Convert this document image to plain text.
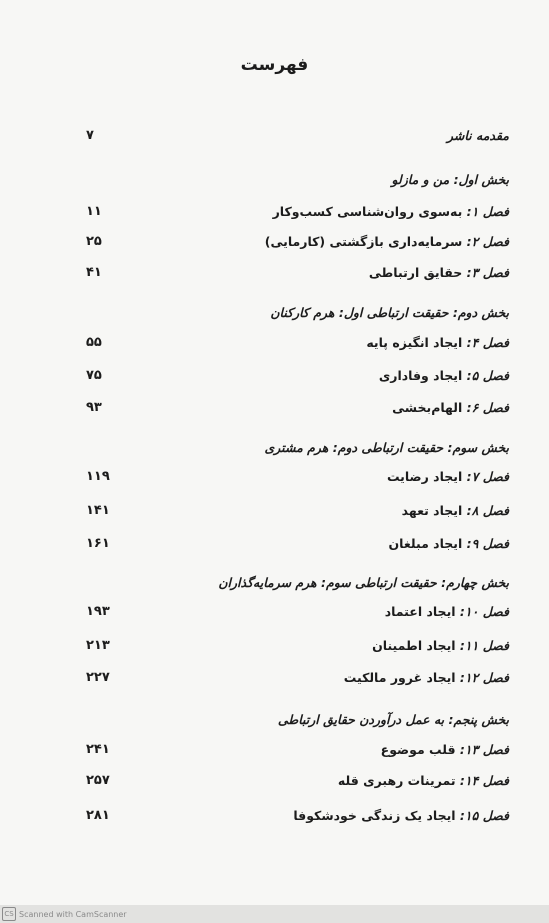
فهرست
مقدمه ناشر
۷
بخش اول: من و مازلو
فصل ۱: به‌سوی روان‌شناسی کسب‌وکار
۱۱
فصل ۲: سرمایه‌داری بازگشتی (کارمایی)
۲۵
فصل ۳: حقایق ارتباطی
۴۱
بخش دوم: حقیقت ارتباطی اول: هرم کارکنان
فصل ۴: ایجاد انگیزه پایه
۵۵
فصل ۵: ایجاد وفاداری
۷۵
فصل ۶: الهام‌بخشی
۹۳
بخش سوم: حقیقت ارتباطی دوم: هرم مشتری
فصل ۷: ایجاد رضایت
۱۱۹
فصل ۸: ایجاد تعهد
۱۴۱
فصل ۹: ایجاد مبلغان
۱۶۱
بخش چهارم: حقیقت ارتباطی سوم: هرم سرمایه‌گذاران
فصل ۱۰: ایجاد اعتماد
۱۹۳
فصل ۱۱: ایجاد اطمینان
۲۱۳
فصل ۱۲: ایجاد غرور مالکیت
۲۲۷
بخش پنجم: به عمل درآوردن حقایق ارتباطی
فصل ۱۳: قلب موضوع
۲۴۱
فصل ۱۴: تمرینات رهبری قله
۲۵۷
فصل ۱۵: ایجاد یک زندگی خودشکوفا
۲۸۱
CS Scanned with CamScanner
